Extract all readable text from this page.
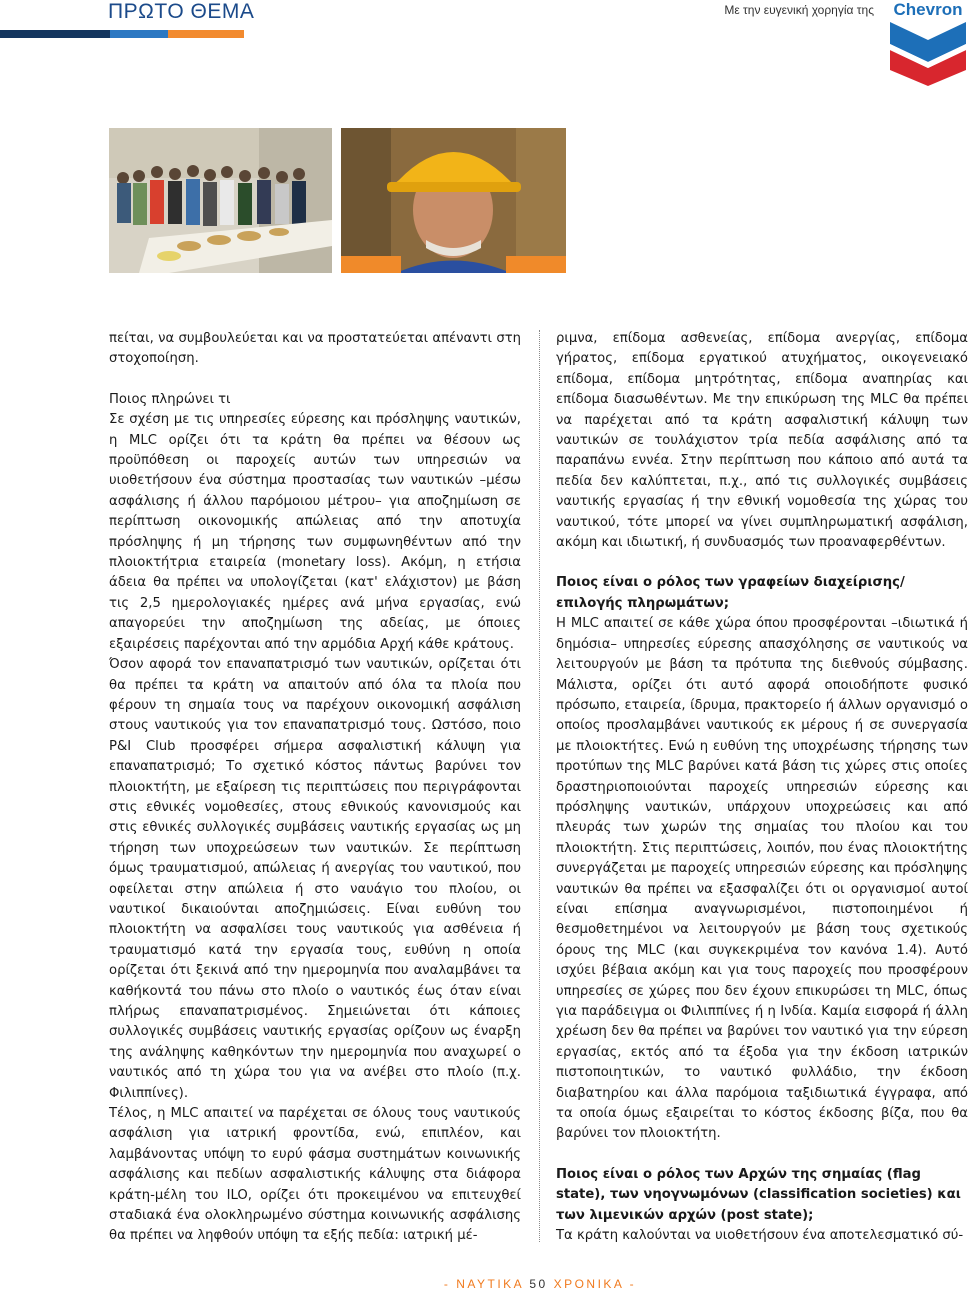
ΠΡΩΤΟ ΘΕΜΑ	Με την ευγενική χορηγία της Chevron

πείται, να συμβουλεύεται και να προστατεύεται απέναντι στη στοχοποίηση.

Ποιος πληρώνει τι

Σε σχέση με τις υπηρεσίες εύρεσης και πρόσληψης ναυτικών, η MLC ορίζει ότι τα κράτη θα πρέπει να θέσουν ως προϋπόθεση οι παροχείς αυτών των υπηρεσιών να υιοθετήσουν ένα σύστημα προστασίας των ναυτικών –μέσω ασφάλισης ή άλλου παρόμοιου μέτρου– για αποζημίωση σε περίπτωση οικονομικής απώλειας από την αποτυχία πρόσληψης ή μη τήρησης των συμφωνηθέντων από την πλοιοκτήτρια εταιρεία (monetary loss). Ακόμη, η ετήσια άδεια θα πρέπει να υπολογίζεται (κατ' ελάχιστον) με βάση τις 2,5 ημερολογιακές ημέρες ανά μήνα εργασίας, ενώ απαγορεύει την αποζημίωση της αδείας, με όποιες εξαιρέσεις παρέχονται από την αρμόδια Αρχή κάθε κράτους.

Όσον αφορά τον επαναπατρισμό των ναυτικών, ορίζεται ότι θα πρέπει τα κράτη να απαιτούν από όλα τα πλοία που φέρουν τη σημαία τους να παρέχουν οικονομική ασφάλιση στους ναυτικούς για τον επαναπατρισμό τους. Ωστόσο, ποιο P&I Club προσφέρει σήμερα ασφαλιστική κάλυψη για επαναπατρισμό; Το σχετικό κόστος πάντως βαρύνει τον πλοιοκτήτη, με εξαίρεση τις περιπτώσεις που περιγράφονται στις εθνικές νομοθεσίες, στους εθνικούς κανονισμούς και στις εθνικές συλλογικές συμβάσεις ναυτικής εργασίας ως μη τήρηση των υποχρεώσεων των ναυτικών. Σε περίπτωση όμως τραυματισμού, απώλειας ή ανεργίας του ναυτικού, που οφείλεται στην απώλεια ή στο ναυάγιο του πλοίου, οι ναυτικοί δικαιούνται αποζημιώσεις. Είναι ευθύνη του πλοιοκτήτη να ασφαλίσει τους ναυτικούς για ασθένεια ή τραυματισμό κατά την εργασία τους, ευθύνη η οποία ορίζεται ότι ξεκινά από την ημερομηνία που αναλαμβάνει τα καθήκοντά του πάνω στο πλοίο ο ναυτικός έως όταν είναι πλήρως επαναπατρισμένος. Σημειώνεται ότι κάποιες συλλογικές συμβάσεις ναυτικής εργασίας ορίζουν ως έναρξη της ανάληψης καθηκόντων την ημερομηνία που αναχωρεί ο ναυτικός από τη χώρα του για να ανέβει στο πλοίο (π.χ. Φιλιππίνες).

Τέλος, η MLC απαιτεί να παρέχεται σε όλους τους ναυτικούς ασφάλιση για ιατρική φροντίδα, ενώ, επιπλέον, και λαμβάνοντας υπόψη το ευρύ φάσμα συστημάτων κοινωνικής ασφάλισης και πεδίων ασφαλιστικής κάλυψης στα διάφορα κράτη-μέλη του ILO, ορίζει ότι προκειμένου να επιτευχθεί σταδιακά ένα ολοκληρωμένο σύστημα κοινωνικής ασφάλισης θα πρέπει να ληφθούν υπόψη τα εξής πεδία: ιατρική μέ-

ριμνα, επίδομα ασθενείας, επίδομα ανεργίας, επίδομα γήρατος, επίδομα εργατικού ατυχήματος, οικογενειακό επίδομα, επίδομα μητρότητας, επίδομα αναπηρίας και επίδομα διασωθέντων. Με την επικύρωση της MLC θα πρέπει να παρέχεται από τα κράτη ασφαλιστική κάλυψη των ναυτικών σε τουλάχιστον τρία πεδία ασφάλισης από τα παραπάνω εννέα. Στην περίπτωση που κάποιο από αυτά τα πεδία δεν καλύπτεται, π.χ., από τις συλλογικές συμβάσεις ναυτικής εργασίας ή την εθνική νομοθεσία της χώρας του ναυτικού, τότε μπορεί να γίνει συμπληρωματική ασφάλιση, ακόμη και ιδιωτική, ή συνδυασμός των προαναφερθέντων.

Ποιος είναι ο ρόλος των γραφείων διαχείρισης/επιλογής πληρωμάτων;

Η MLC απαιτεί σε κάθε χώρα όπου προσφέρονται –ιδιωτικά ή δημόσια– υπηρεσίες εύρεσης απασχόλησης σε ναυτικούς να λειτουργούν με βάση τα πρότυπα της διεθνούς σύμβασης. Μάλιστα, ορίζει ότι αυτό αφορά οποιοδήποτε φυσικό πρόσωπο, εταιρεία, ίδρυμα, πρακτορείο ή άλλων οργανισμό ο οποίος προσλαμβάνει ναυτικούς εκ μέρους ή σε συνεργασία με πλοιοκτήτες. Ενώ η ευθύνη της υποχρέωσης τήρησης των προτύπων της MLC βαρύνει κατά βάση τις χώρες στις οποίες δραστηριοποιούνται παροχείς υπηρεσιών εύρεσης και πρόσληψης ναυτικών, υπάρχουν υποχρεώσεις και από πλευράς των χωρών της σημαίας του πλοίου και του πλοιοκτήτη. Στις περιπτώσεις, λοιπόν, που ένας πλοιοκτήτης συνεργάζεται με παροχείς υπηρεσιών εύρεσης και πρόσληψης ναυτικών θα πρέπει να εξασφαλίζει ότι οι οργανισμοί αυτοί είναι επίσημα αναγνωρισμένοι, πιστοποιημένοι ή θεσμοθετημένοι να λειτουργούν με βάση τους σχετικούς όρους της MLC (και συγκεκριμένα τον κανόνα 1.4). Αυτό ισχύει βέβαια ακόμη και για τους παροχείς που προσφέρουν υπηρεσίες σε χώρες που δεν έχουν επικυρώσει τη MLC, όπως για παράδειγμα οι Φιλιππίνες ή η Ινδία. Καμία εισφορά ή άλλη χρέωση δεν θα πρέπει να βαρύνει τον ναυτικό για την εύρεση εργασίας, εκτός από τα έξοδα για την έκδοση ιατρικών πιστοποιητικών, το ναυτικό φυλλάδιο, την έκδοση διαβατηρίου και άλλα παρόμοια ταξιδιωτικά έγγραφα, από τα οποία όμως εξαιρείται το κόστος έκδοσης βίζα, που θα βαρύνει τον πλοιοκτήτη.

Ποιος είναι ο ρόλος των Αρχών της σημαίας (flag state), των νηογνωμόνων (classification societies) και των λιμενικών αρχών (post state);

Τα κράτη καλούνται να υιοθετήσουν ένα αποτελεσματικό σύ-

- ΝΑΥΤΙΚΑ 50 ΧΡΟΝΙΚΑ -
